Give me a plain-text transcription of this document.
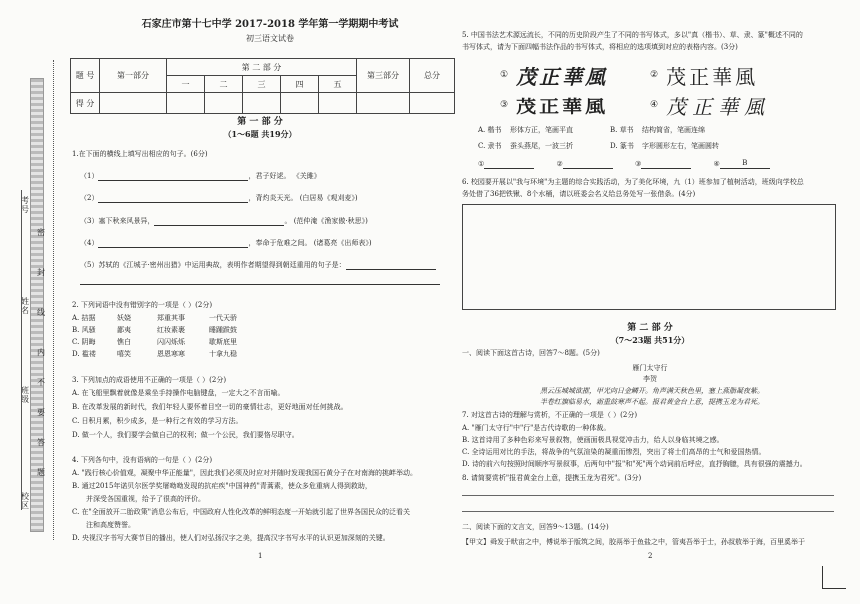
石家庄市第十七中学 2017-2018 学年第一学期期中考试
初三语文试卷
题 号	第一部分	第 二 部 分					第三部分	总分
		一	二	三	四	五		
得 分								
考号
姓名
班级
校区
密
封
线
内
不
要
答
题
第 一 部 分
（1～6题 共19分）
1.在下面的横线上填写出相应的句子。(6分)
（1）	，君子好逑。 《关雎》
（2）	，背灼炎天光。 (白居易《观刈麦》)
（3）塞下秋来风景异，	。 (范仲淹《渔家傲·秋思》)
（4）	，奉命于危难之间。 (诸葛亮《出师表》)
（5）苏轼的《江城子·密州出猎》中运用典故，表明作者期望得到朝廷重用的句子是：
2. 下列词语中没有错别字的一项是（ ）(2分)
A. 拮据	妖娆	郑重其事	一代天骄
B. 风骚	鄙夷	红妆素裹	睡踵跋鼓
C. 阴晦	憔白	闪闪烁烁	歇斯底里
D. 褴褛	嘻笑	恩恩寒寒	十拿九稳
3. 下列加点的成语使用不正确的一项是（ ）(2分)
A. 在飞船里飘着就像是乘坐手持操作电脑键盘，一定大之不言而喻。
B. 在改革发展的新时代，我们年轻人要怀着目空一切的豪情壮志，更好地面对任何挑战。
C. 日积月累，积少成多，是一种行之有效的学习方法。
D. 做一个人，我们要学会做自己的权利；做一个公民，我们要恪尽职守。
4. 下列各句中，没有语病的一句是（ ）(2分)
A. "践行核心价值观，凝聚中华正能量"，因此我们必须及时应对并随时发现我国石黄分子在对南海的挑衅举动。
B. 通过2015年诺贝尔医学奖屠呦呦发现的抗疟疾"中国神药"青蒿素，使众多危重病人得到救助，
并深受各国重视，给予了很高的评价。
C. 在"全面放开二胎政策"消息公布后，中国政府人性化改革的鲜明态度一开始就引起了世界各国民众的泛看关
注和高度赞誉。
D. 央视汉字书写大赛节目的播出，使人们对弘扬汉字之美，提高汉字书写水平的认识更加深刻的关键。
1
5. 中国书法艺术源远流长，不同的历史阶段产生了不同的书写体式，多以"真（楷书）、草、隶、篆"概述不同的
书写体式，请为下面四幅书法作品的书写体式，将相应的选项填到对应的表格内容。(3分)
① 茂正華風	② 茂正華風
③ 茂正華風	④ 茂正華風
A. 楷书	形体方正，笔画平直	B. 草书	结构简省，笔画连绵
C. 隶书	蚕头燕尾，一波三折	D. 篆书	字形圆形左右，笔画圆转
①	②	③	④	B
6. 校园要开展以"我与环境"为主题的综合实践活动，为了美化环境，九（1）班参加了植树活动，班级向学校总
务处借了36把铁锹、8个水桶，请以班委会名义给总务处写一张借条。(4分)
第 二 部 分
（7～23题 共51分）
一、阅读下面这首古诗，回答7～8题。(5分)
雁门太守行
李贺
黑云压城城欲摧，甲光向日金鳞开。角声满天秋色里，塞上燕脂凝夜紫。
半卷红旗临易水，霜重鼓寒声不起。报君黄金台上意，提携玉龙为君死。
7. 对这首古诗的理解与赏析，不正确的一项是（ ）(2分)
A. "雁门太守行"中"行"是古代诗歌的一种体裁。
B. 这首诗用了多种色彩来写景叙物，使画面极具视觉冲击力，给人以身临其境之感。
C. 全诗运用对比的手法，将战争的气氛渲染的凝重而惨烈，突出了将士们高昂的士气和爱国热情。
D. 诗的前六句按照时间顺序写景叙事，后两句中"报"和"死"两个动词前后呼应，直抒胸臆，具有很强的震撼力。
8. 请简要赏析"报君黄金台上意，提携玉龙为君死"。(3分)
二、阅读下面的文言文，回答9～13题。(14分)
【甲文】舜发于畎亩之中，傅说举于版筑之间，胶鬲举于鱼盐之中，管夷吾举于士，孙叔敖举于海，百里奚举于
2
